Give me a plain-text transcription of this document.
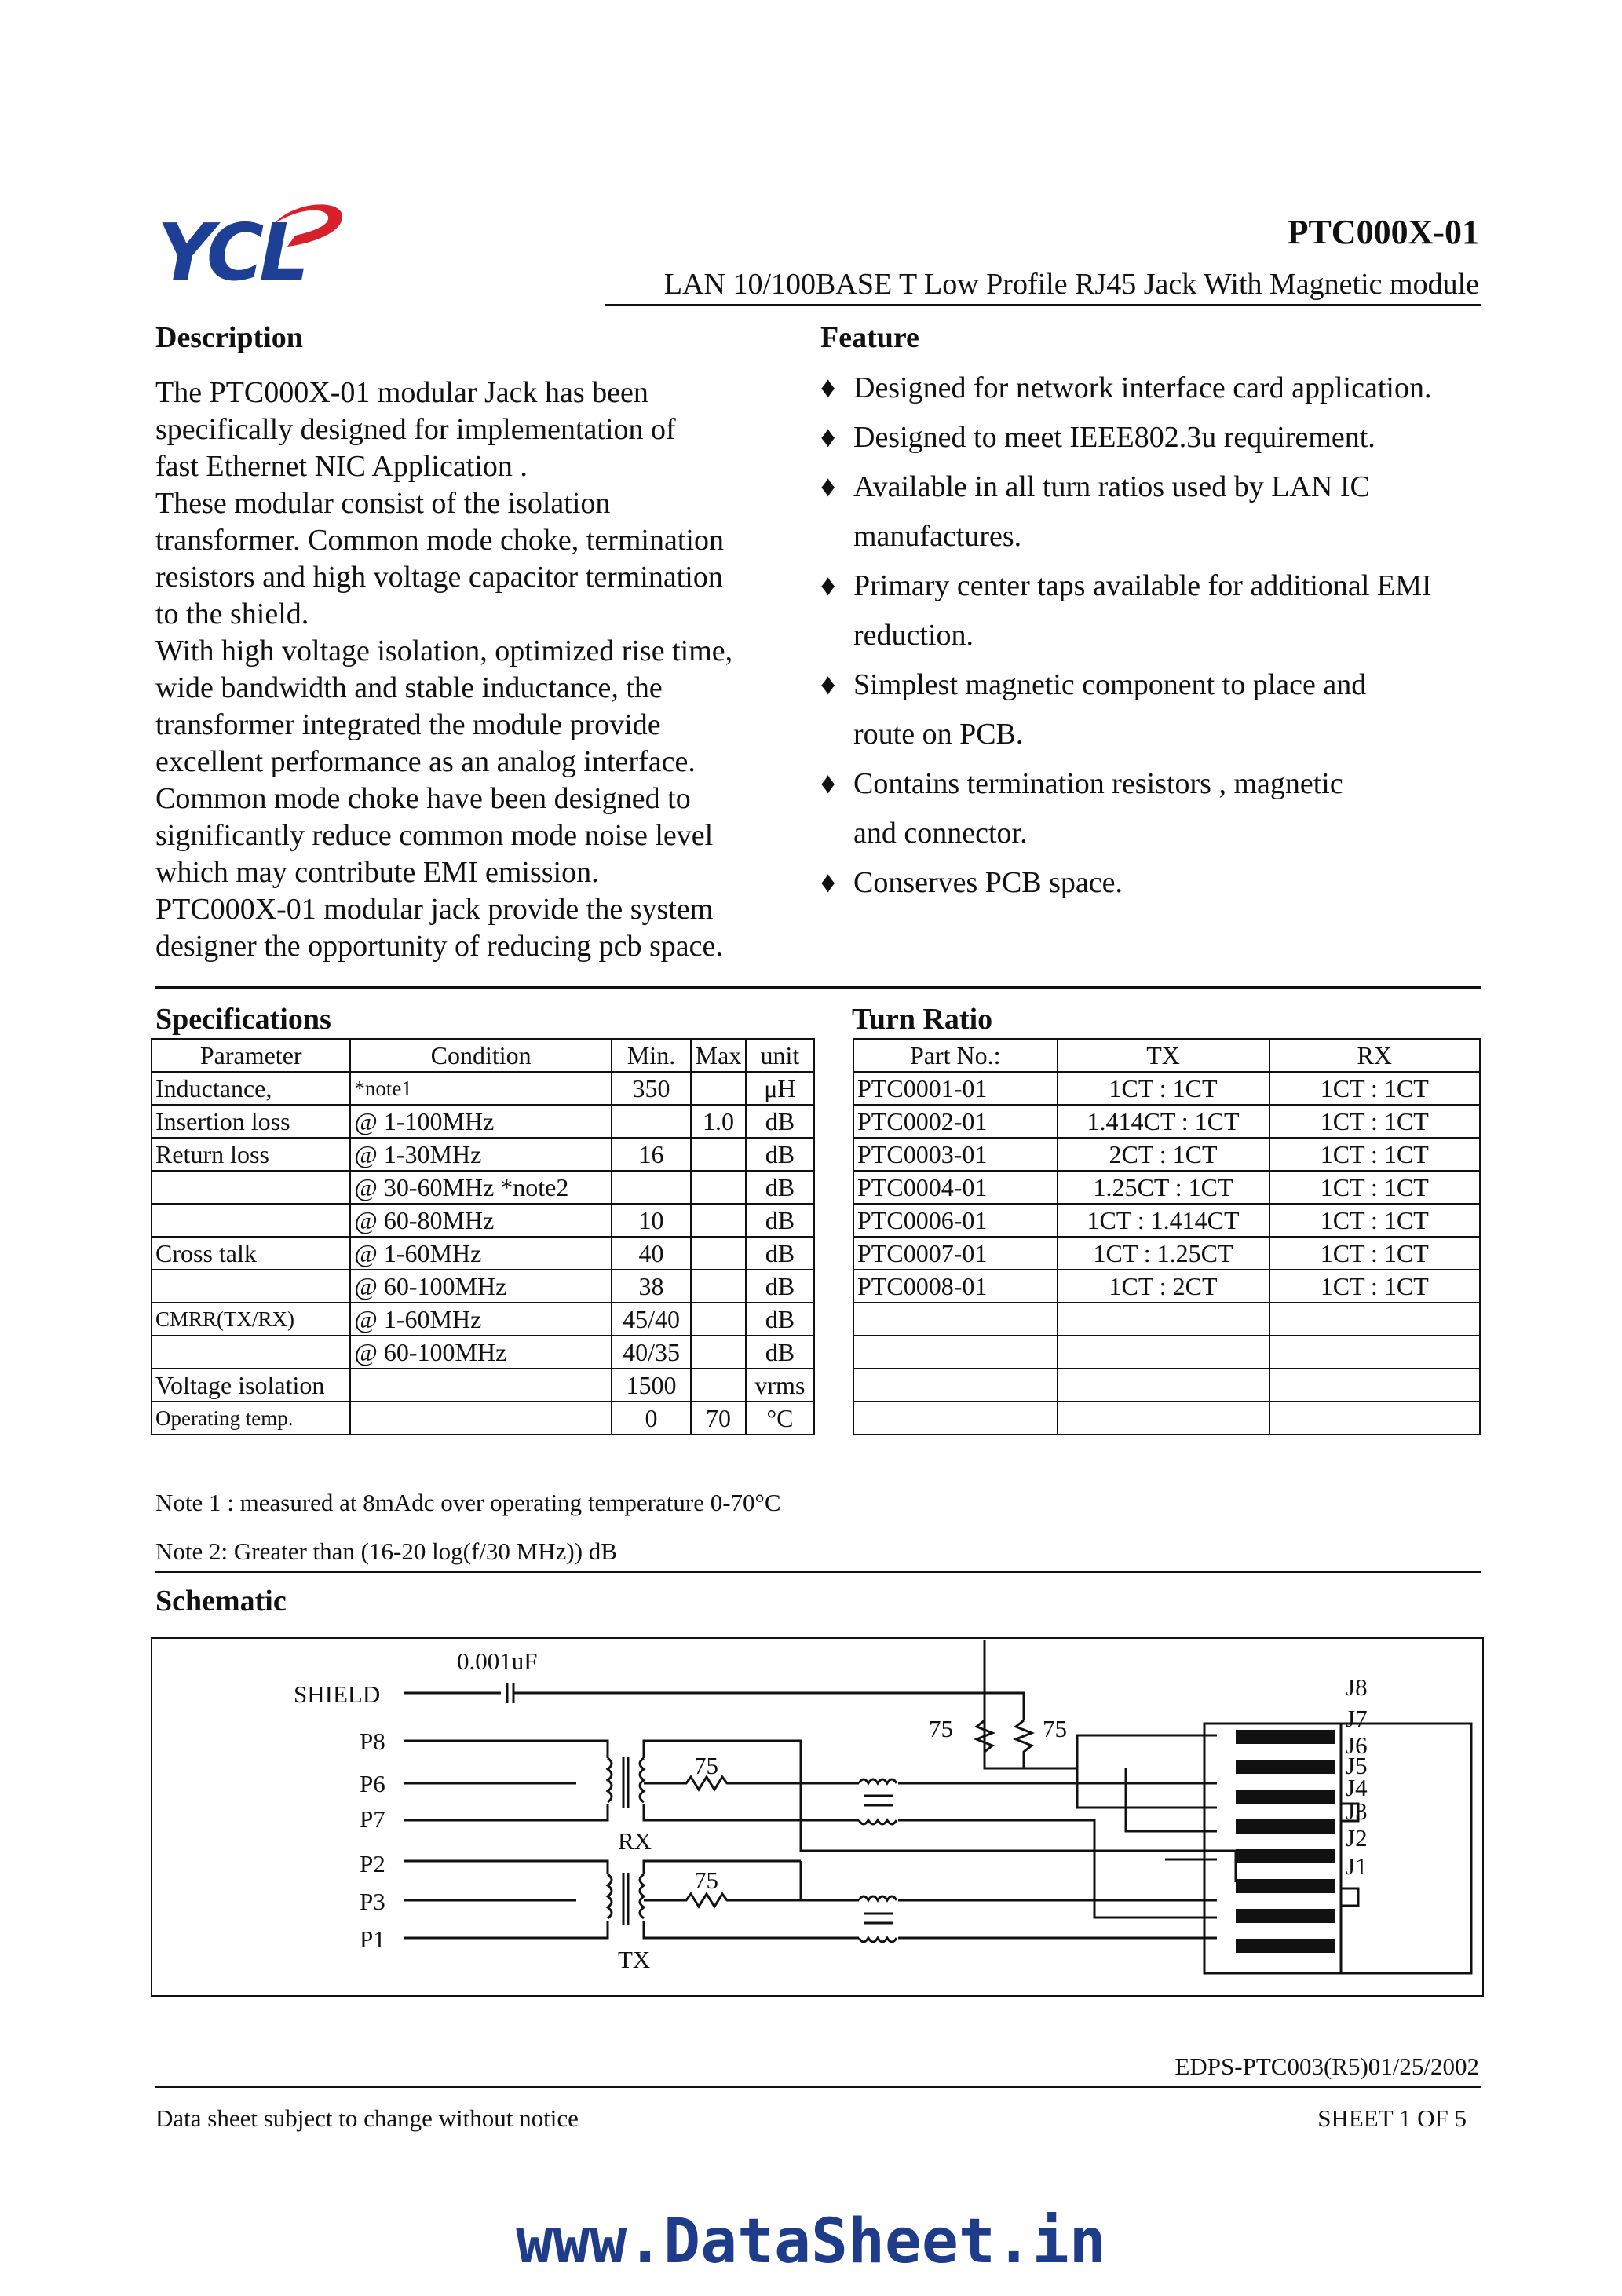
YCL	PTC000X-01
LAN 10/100BASE T Low Profile RJ45 Jack With Magnetic module
Description
The PTC000X-01 modular Jack has been
specifically designed for implementation of
fast Ethernet NIC Application .
These modular consist of the isolation
transformer. Common mode choke, termination
resistors and high voltage capacitor termination
to the shield.
With high voltage isolation, optimized rise time,
wide bandwidth and stable inductance, the
transformer integrated the module provide
excellent performance as an analog interface.
Common mode choke have been designed to
significantly reduce common mode noise level
which may contribute EMI emission.
PTC000X-01 modular jack provide the system
designer the opportunity of reducing pcb space.
Feature
♦ Designed for network interface card application.
♦ Designed to meet IEEE802.3u requirement.
♦ Available in all turn ratios used by LAN IC
manufactures.
♦ Primary center taps available for additional EMI
reduction.
♦ Simplest magnetic component to place and
route on PCB.
♦ Contains termination resistors , magnetic
and connector.
♦ Conserves PCB space.
Specifications
Parameter	Condition	Min.	Max	unit
Inductance,	*note1	350		μH
Insertion loss	@ 1-100MHz		1.0	dB
Return loss	@ 1-30MHz	16		dB
	@ 30-60MHz *note2			dB
	@ 60-80MHz	10		dB
Cross talk	@ 1-60MHz	40		dB
	@ 60-100MHz	38		dB
CMRR(TX/RX)	@ 1-60MHz	45/40		dB
	@ 60-100MHz	40/35		dB
Voltage isolation		1500		vrms
Operating temp.		0	70	°C
Turn Ratio
Part No.:	TX	RX
PTC0001-01	1CT : 1CT	1CT : 1CT
PTC0002-01	1.414CT : 1CT	1CT : 1CT
PTC0003-01	2CT : 1CT	1CT : 1CT
PTC0004-01	1.25CT : 1CT	1CT : 1CT
PTC0006-01	1CT : 1.414CT	1CT : 1CT
PTC0007-01	1CT : 1.25CT	1CT : 1CT
PTC0008-01	1CT : 2CT	1CT : 1CT

Note 1 : measured at 8mAdc over operating temperature 0-70°C
Note 2: Greater than (16-20 log(f/30 MHz)) dB
Schematic
0.001uF
SHIELD
P8
P6
P7
P2
P3
P1
RX
TX
75
75
75	75
J8
J7
J6
J5
J4
J3
J2
J1
EDPS-PTC003(R5)01/25/2002
Data sheet subject to change without notice	SHEET 1 OF 5
www.DataSheet.in
